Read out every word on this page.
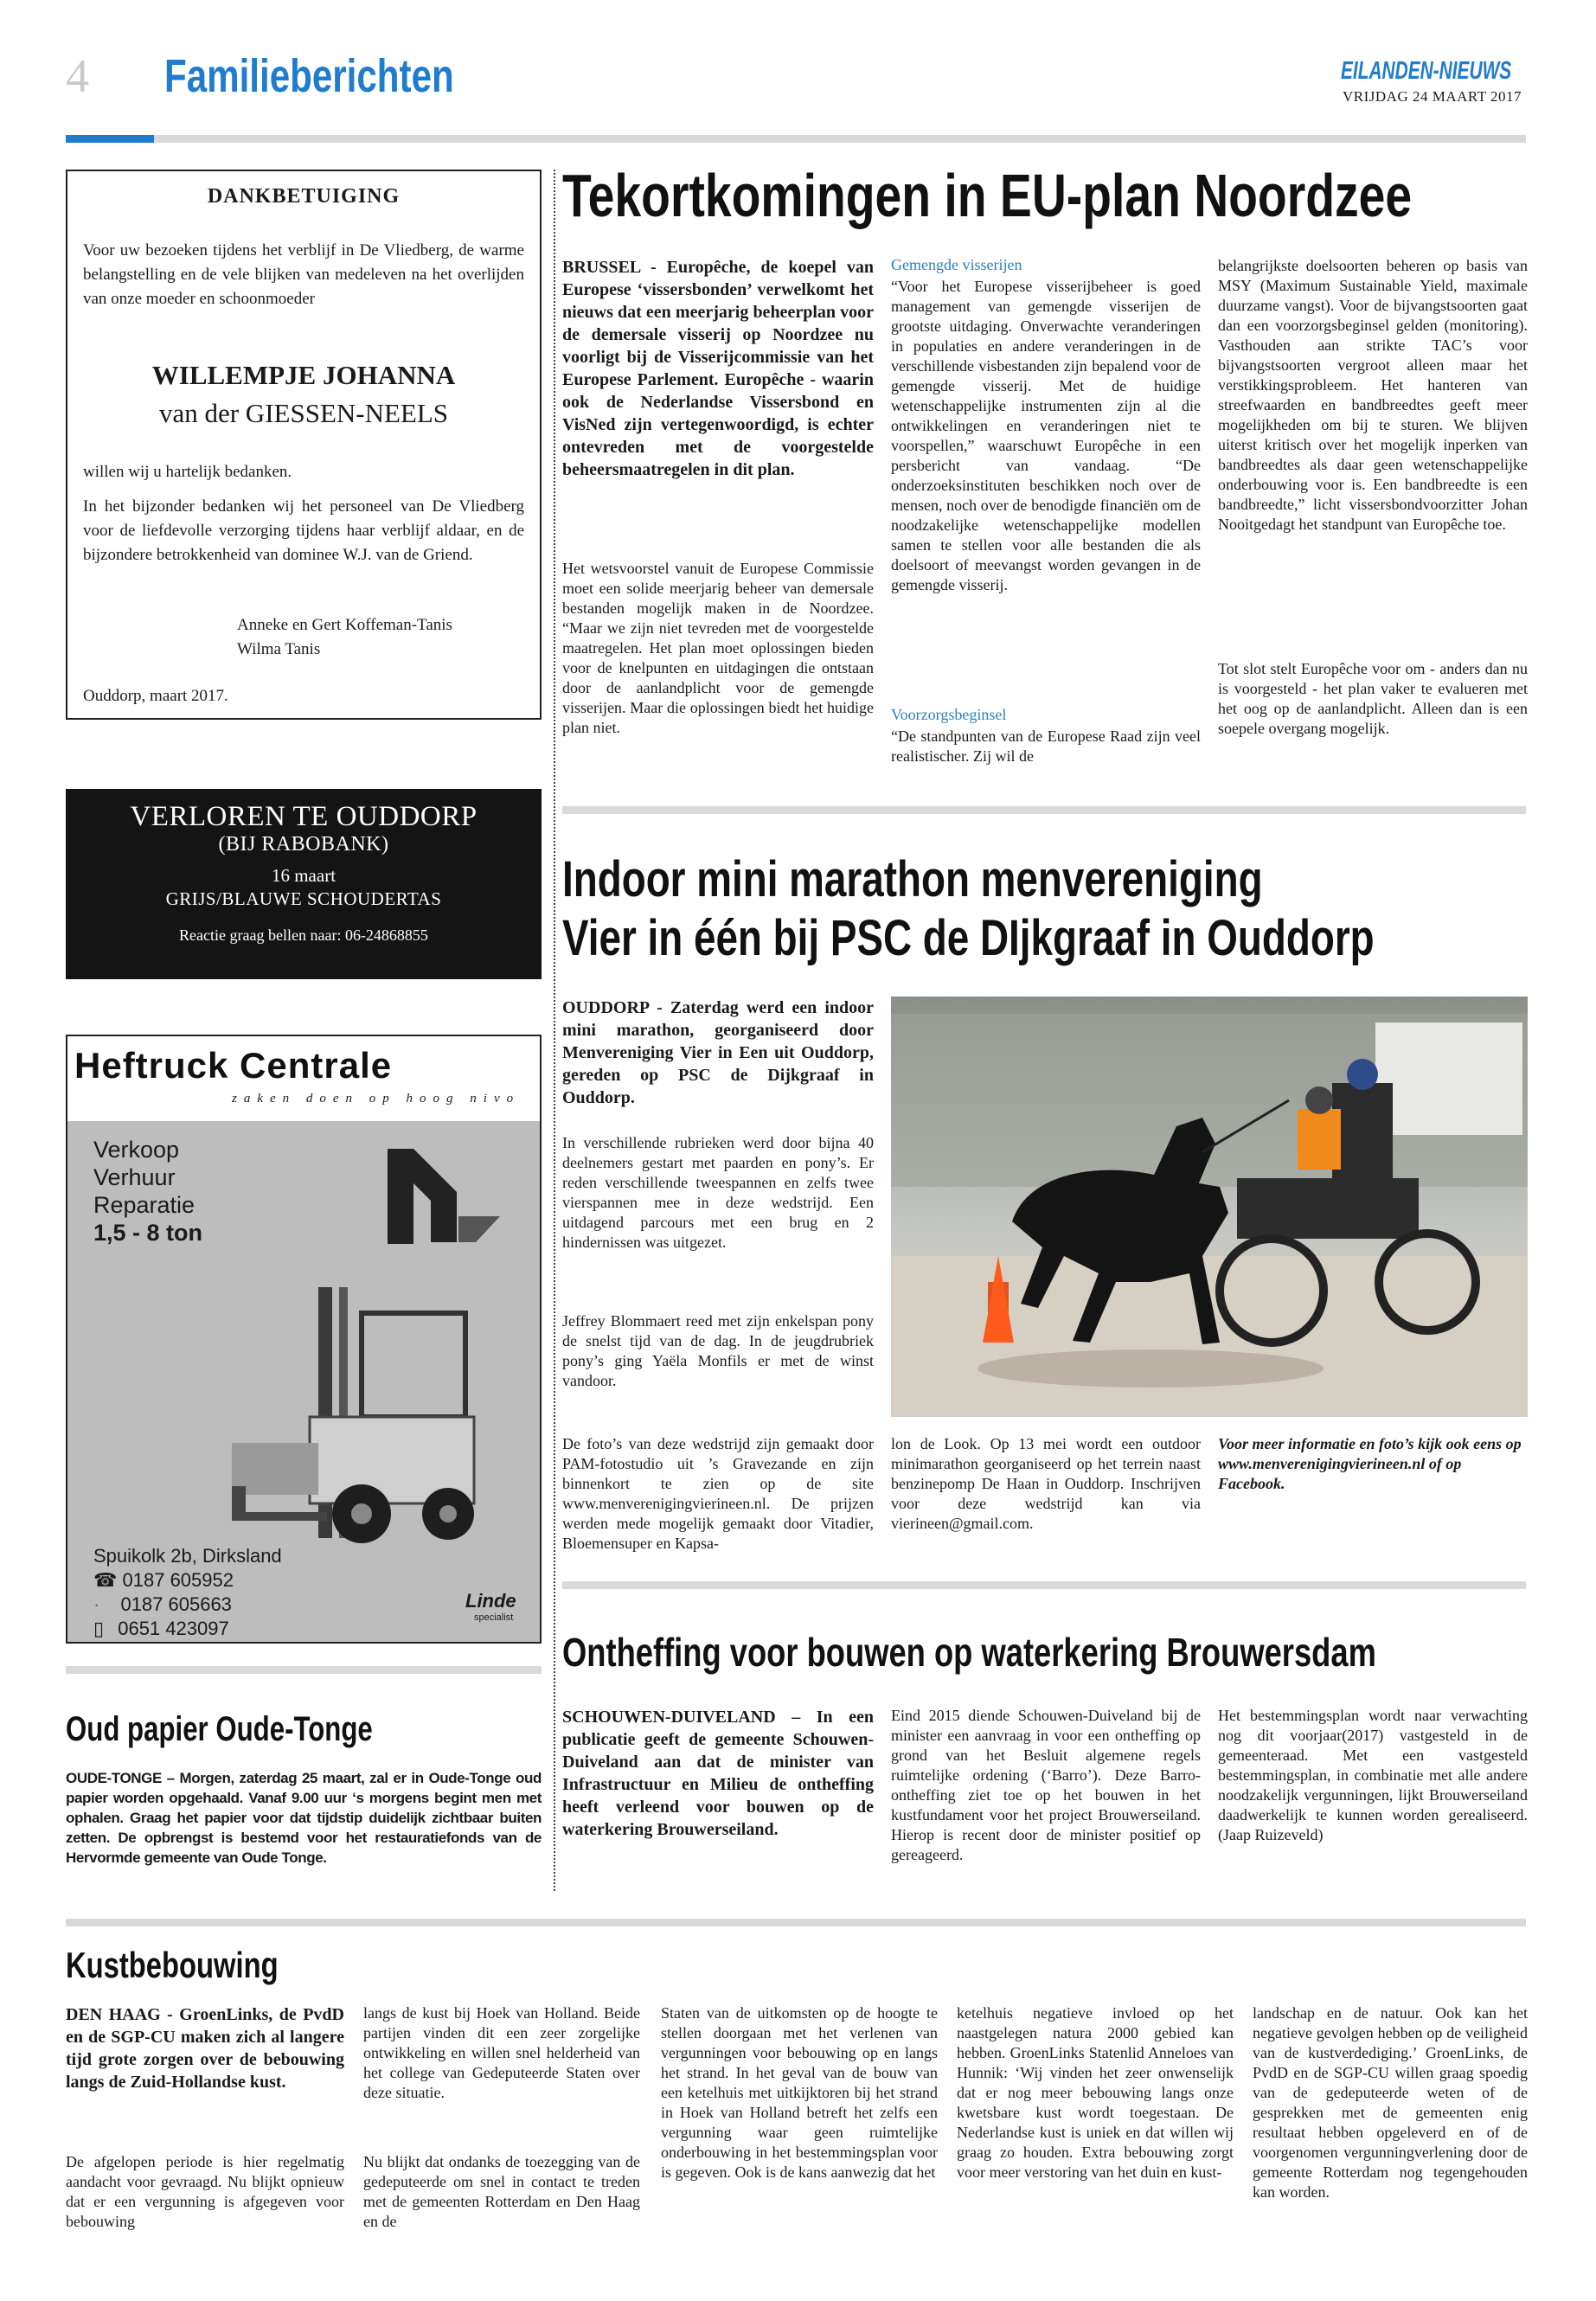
4 Familieberichten	EILANDEN-NIEUWS
VRIJDAG 24 MAART 2017
DANKBETUIGING
Voor uw bezoeken tijdens het verblijf in De Vliedberg, de warme belangstelling en de vele blijken van medeleven na het overlijden van onze moeder en schoonmoeder
WILLEMPJE JOHANNA
van der GIESSEN-NEELS
willen wij u hartelijk bedanken.
In het bijzonder bedanken wij het personeel van De Vliedberg voor de liefdevolle verzorging tijdens haar verblijf aldaar, en de bijzondere betrokkenheid van dominee W.J. van de Griend.
Anneke en Gert Koffeman-Tanis
Wilma Tanis
Ouddorp, maart 2017.
VERLOREN TE OUDDORP
(BIJ RABOBANK)
16 maart
GRIJS/BLAUWE SCHOUDERTAS
Reactie graag bellen naar: 06-24868855
Heftruck Centrale
zaken doen op hoog nivo
Verkoop
Verhuur
Reparatie
1,5 - 8 ton
Spuikolk 2b, Dirksland
☎ 0187 605952
· 0187 605663
▯ 0651 423097
Linde
specialist
Oud papier Oude-Tonge
OUDE-TONGE – Morgen, zaterdag 25 maart, zal er in Oude-Tonge oud papier worden opgehaald. Vanaf 9.00 uur ‘s morgens begint men met ophalen. Graag het papier voor dat tijdstip duidelijk zichtbaar buiten zetten. De opbrengst is bestemd voor het restauratiefonds van de Hervormde gemeente van Oude Tonge.
Tekortkomingen in EU-plan Noordzee
BRUSSEL - Europêche, de koepel van Europese ‘vissersbonden’ verwelkomt het nieuws dat een meerjarig beheerplan voor de demersale visserij op Noordzee nu voorligt bij de Visserijcommissie van het Europese Parlement. Europêche - waarin ook de Nederlandse Vissersbond en VisNed zijn vertegenwoordigd, is echter ontevreden met de voorgestelde beheersmaatregelen in dit plan.
Het wetsvoorstel vanuit de Europese Commissie moet een solide meerjarig beheer van demersale bestanden mogelijk maken in de Noordzee. “Maar we zijn niet tevreden met de voorgestelde maatregelen. Het plan moet oplossingen bieden voor de knelpunten en uitdagingen die ontstaan door de aanlandplicht voor de gemengde visserijen. Maar die oplossingen biedt het huidige plan niet.
Gemengde visserijen
“Voor het Europese visserijbeheer is goed management van gemengde visserijen de grootste uitdaging. Onverwachte veranderingen in populaties en andere veranderingen in de verschillende visbestanden zijn bepalend voor de gemengde visserij. Met de huidige wetenschappelijke instrumenten zijn al die ontwikkelingen en veranderingen niet te voorspellen,” waarschuwt Europêche in een persbericht van vandaag. “De onderzoeksinstituten beschikken noch over de mensen, noch over de benodigde financiën om de noodzakelijke wetenschappelijke modellen samen te stellen voor alle bestanden die als doelsoort of meevangst worden gevangen in de gemengde visserij.
Voorzorgsbeginsel
“De standpunten van de Europese Raad zijn veel realistischer. Zij wil de
belangrijkste doelsoorten beheren op basis van MSY (Maximum Sustainable Yield, maximale duurzame vangst). Voor de bijvangstsoorten gaat dan een voorzorgsbeginsel gelden (monitoring). Vasthouden aan strikte TAC’s voor bijvangstsoorten vergroot alleen maar het verstikkingsprobleem. Het hanteren van streefwaarden en bandbreedtes geeft meer mogelijkheden om bij te sturen. We blijven uiterst kritisch over het mogelijk inperken van bandbreedtes als daar geen wetenschappelijke onderbouwing voor is. Een bandbreedte is een bandbreedte,” licht vissersbondvoorzitter Johan Nooitgedagt het standpunt van Europêche toe.
Tot slot stelt Europêche voor om - anders dan nu is voorgesteld - het plan vaker te evalueren met het oog op de aanlandplicht. Alleen dan is een soepele overgang mogelijk.
Indoor mini marathon menvereniging
Vier in één bij PSC de DIjkgraaf in Ouddorp
OUDDORP - Zaterdag werd een indoor mini marathon, georganiseerd door Menvereniging Vier in Een uit Ouddorp, gereden op PSC de Dijkgraaf in Ouddorp.
In verschillende rubrieken werd door bijna 40 deelnemers gestart met paarden en pony’s. Er reden verschillende tweespannen en zelfs twee vierspannen mee in deze wedstrijd. Een uitdagend parcours met een brug en 2 hindernissen was uitgezet.
Jeffrey Blommaert reed met zijn enkelspan pony de snelst tijd van de dag. In de jeugdrubriek pony’s ging Yaëla Monfils er met de winst vandoor.
De foto’s van deze wedstrijd zijn gemaakt door PAM-fotostudio uit ’s Gravezande en zijn binnenkort te zien op de site www.menverenigingvierineen.nl. De prijzen werden mede mogelijk gemaakt door Vitadier, Bloemensuper en Kapsa-
lon de Look. Op 13 mei wordt een outdoor minimarathon georganiseerd op het terrein naast benzinepomp De Haan in Ouddorp. Inschrijven voor deze wedstrijd kan via vierineen@gmail.com.
Voor meer informatie en foto’s kijk ook eens op www.menverenigingvierineen.nl of op Facebook.
Ontheffing voor bouwen op waterkering Brouwersdam
SCHOUWEN-DUIVELAND – In een publicatie geeft de gemeente Schouwen-Duiveland aan dat de minister van Infrastructuur en Milieu de ontheffing heeft verleend voor bouwen op de waterkering Brouwerseiland.
Eind 2015 diende Schouwen-Duiveland bij de minister een aanvraag in voor een ontheffing op grond van het Besluit algemene regels ruimtelijke ordening (‘Barro’). Deze Barro-ontheffing ziet toe op het bouwen in het kustfundament voor het project Brouwerseiland. Hierop is recent door de minister positief op gereageerd.
Het bestemmingsplan wordt naar verwachting nog dit voorjaar(2017) vastgesteld in de gemeenteraad. Met een vastgesteld bestemmingsplan, in combinatie met alle andere noodzakelijk vergunningen, lijkt Brouwerseiland daadwerkelijk te kunnen worden gerealiseerd. (Jaap Ruizeveld)
Kustbebouwing
DEN HAAG - GroenLinks, de PvdD en de SGP-CU maken zich al langere tijd grote zorgen over de bebouwing langs de Zuid-Hollandse kust.
De afgelopen periode is hier regelmatig aandacht voor gevraagd. Nu blijkt opnieuw dat er een vergunning is afgegeven voor bebouwing
langs de kust bij Hoek van Holland. Beide partijen vinden dit een zeer zorgelijke ontwikkeling en willen snel helderheid van het college van Gedeputeerde Staten over deze situatie.
Nu blijkt dat ondanks de toezegging van de gedeputeerde om snel in contact te treden met de gemeenten Rotterdam en Den Haag en de
Staten van de uitkomsten op de hoogte te stellen doorgaan met het verlenen van vergunningen voor bebouwing op en langs het strand. In het geval van de bouw van een ketelhuis met uitkijktoren bij het strand in Hoek van Holland betreft het zelfs een vergunning waar geen ruimtelijke onderbouwing in het bestemmingsplan voor is gegeven. Ook is de kans aanwezig dat het
ketelhuis negatieve invloed op het naastgelegen natura 2000 gebied kan hebben. GroenLinks Statenlid Anneloes van Hunnik: ‘Wij vinden het zeer onwenselijk dat er nog meer bebouwing langs onze kwetsbare kust wordt toegestaan. De Nederlandse kust is uniek en dat willen wij graag zo houden. Extra bebouwing zorgt voor meer verstoring van het duin en kust-
landschap en de natuur. Ook kan het negatieve gevolgen hebben op de veiligheid van de kustverdediging.’ GroenLinks, de PvdD en de SGP-CU willen graag spoedig van de gedeputeerde weten of de gesprekken met de gemeenten enig resultaat hebben opgeleverd en of de voorgenomen vergunningverlening door de gemeente Rotterdam nog tegengehouden kan worden.
